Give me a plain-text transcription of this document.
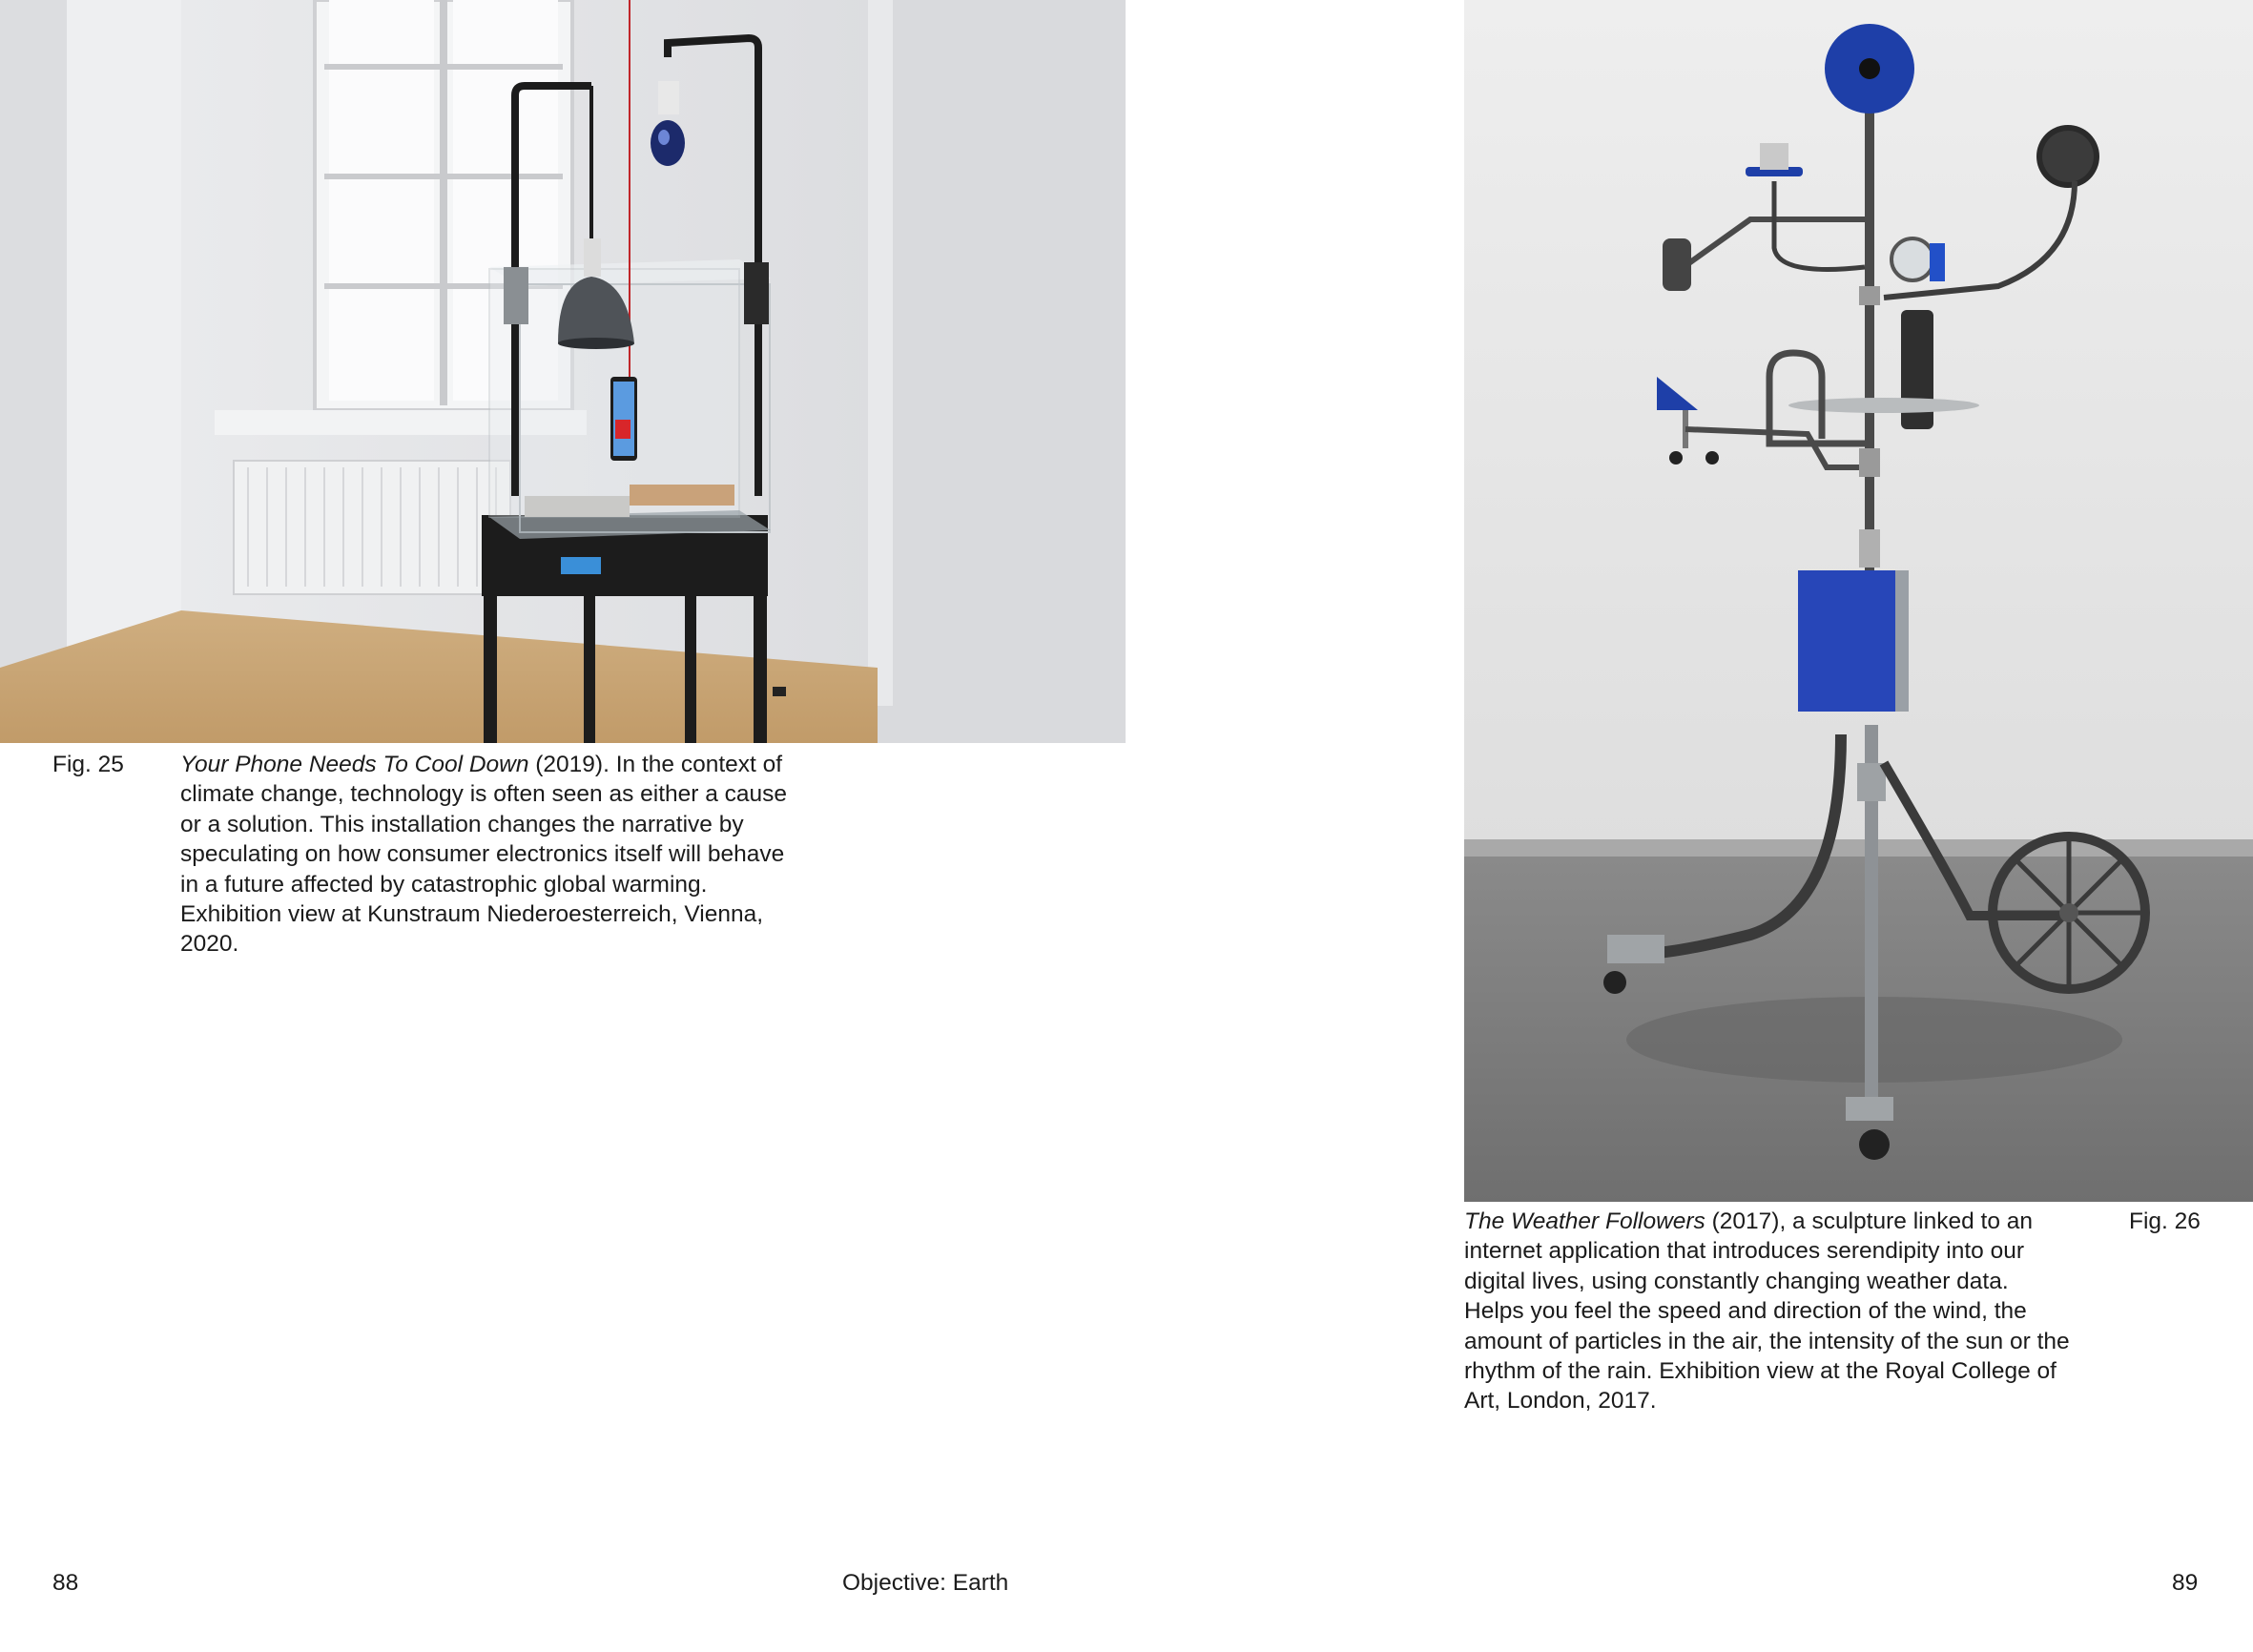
Fig. 25 Your Phone Needs To Cool Down (2019). In the context of climate change, technology is often seen as either a cause or a solution. This installation changes the narrative by speculating on how consumer electronics itself will behave in a future affected by catastrophic global warming. Exhibition view at Kunstraum Niederoesterreich, Vienna, 2020.
The Weather Followers (2017), a sculpture linked to an internet application that introduces serendipity into our digital lives, using constantly changing weather data. Helps you feel the speed and direction of the wind, the amount of particles in the air, the intensity of the sun or the rhythm of the rain. Exhibition view at the Royal College of Art, London, 2017.
Fig. 26
88	Objective: Earth	89
